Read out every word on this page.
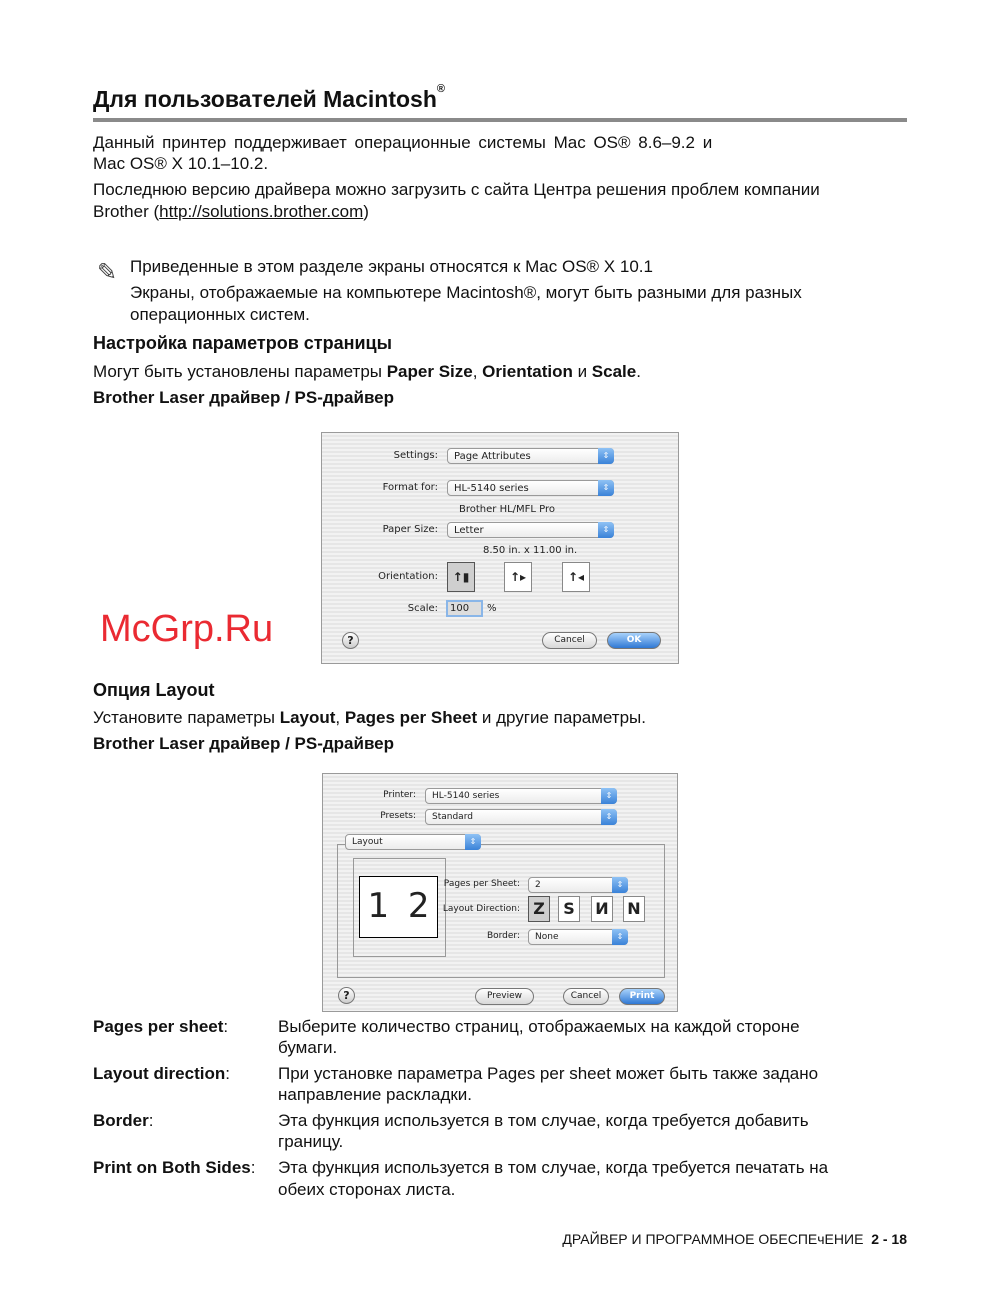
Для пользователей Macintosh®
Данный принтер поддерживает операционные системы Mac OS® 8.6–9.2 и
Mac OS® X 10.1–10.2.
Последнюю версию драйвера можно загрузить с сайта Центра решения проблем компании
Brother (http://solutions.brother.com)
✎ Приведенные в этом разделе экраны относятся к Mac OS® X 10.1
Экраны, отображаемые на компьютере Macintosh®, могут быть разными для разных
операционных систем.
Настройка параметров страницы
Могут быть установлены параметры Paper Size, Orientation и Scale.
Brother Laser драйвер / PS-драйвер
Settings:	Page Attributes	⇕
Format for:	HL-5140 series	⇕
Brother HL/MFL Pro
Paper Size:	Letter	⇕
8.50 in. x 11.00 in.
Orientation:	↑▮	↑▸	↑◂
Scale:	100	%
?	Cancel	OK
McGrp.Ru
Опция Layout
Установите параметры Layout, Pages per Sheet и другие параметры.
Brother Laser драйвер / PS-драйвер
Printer:	HL-5140 series	⇕
Presets:	Standard	⇕
Layout	⇕
1 2
Pages per Sheet:	2	⇕
Layout Direction: Z	S	И N
Border:	None	⇕
?	Preview	Cancel	Print
Pages per sheet:	Выберите количество страниц, отображаемых на каждой стороне
бумаги.
Layout direction:	При установке параметра Pages per sheet может быть также задано
направление раскладки.
Border:	Эта функция используется в том случае, когда требуется добавить
границу.
Print on Both Sides: Эта функция используется в том случае, когда требуется печатать на
обеих сторонах листа.
ДРАЙВЕР И ПРОГРАММНОЕ ОБЕСПЕчЕНИЕ 2 - 18
